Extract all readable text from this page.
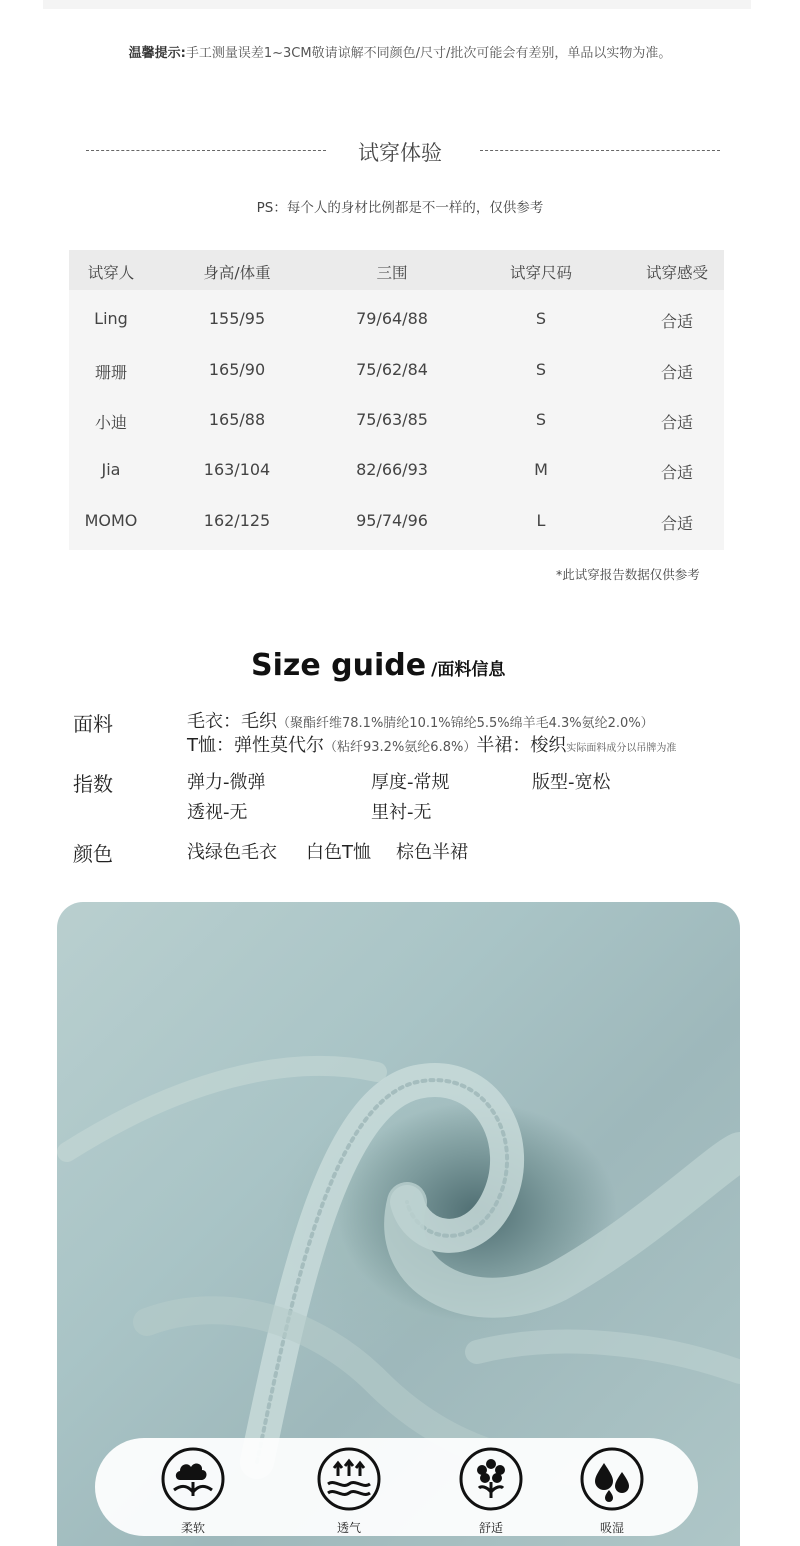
温馨提示:手工测量误差1~3CM敬请谅解不同颜色/尺寸/批次可能会有差别，单品以实物为准。
试穿体验
PS：每个人的身材比例都是不一样的，仅供参考
试穿人	身高/体重	三围	试穿尺码	试穿感受
Ling	155/95	79/64/88	S	合适
珊珊	165/90	75/62/84	S	合适
小迪	165/88	75/63/85	S	合适
Jia	163/104	82/66/93	M	合适
MOMO	162/125	95/74/96	L	合适
*此试穿报告数据仅供参考
Size guide /面料信息
面料	毛衣：毛织（聚酯纤维78.1%腈纶10.1%锦纶5.5%绵羊毛4.3%氨纶2.0%）
T恤：弹性莫代尔（粘纤93.2%氨纶6.8%）半裙：梭织实际面料成分以吊牌为准
指数	弹力-微弹	厚度-常规	版型-宽松
透视-无	里衬-无
颜色	浅绿色毛衣 白色T恤 棕色半裙
柔软	透气	舒适	吸湿
